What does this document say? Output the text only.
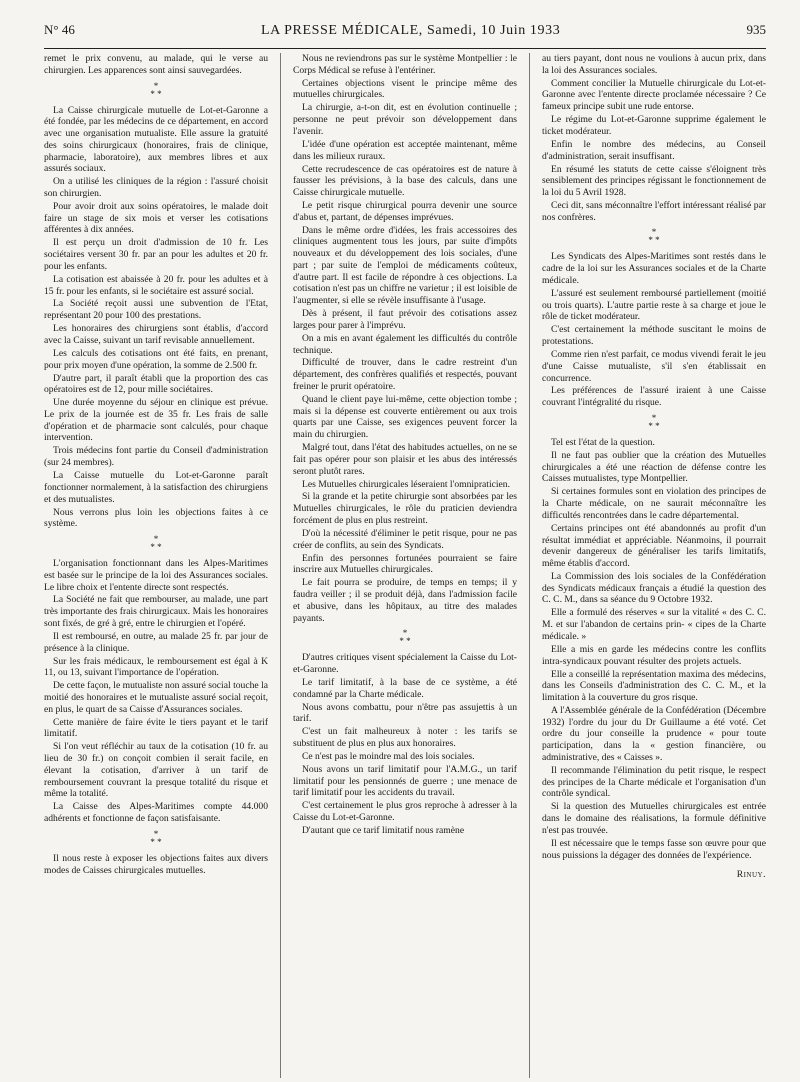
N° 46	LA PRESSE MÉDICALE, Samedi, 10 Juin 1933	935

remet le prix convenu, au malade, qui le verse au chirurgien. Les apparences sont ainsi sauvegardées.

*
* *

La Caisse chirurgicale mutuelle de Lot-et-Garonne a été fondée, par les médecins de ce département, en accord avec une organisation mutualiste. Elle assure la gratuité des soins chirurgicaux (honoraires, frais de clinique, pharmacie, laboratoire), aux membres libres et aux assurés sociaux.

On a utilisé les cliniques de la région : l'assuré choisit son chirurgien.

Pour avoir droit aux soins opératoires, le malade doit faire un stage de six mois et verser les cotisations afférentes à dix années.

Il est perçu un droit d'admission de 10 fr. Les sociétaires versent 30 fr. par an pour les adultes et 20 fr. pour les enfants.

La cotisation est abaissée à 20 fr. pour les adultes et à 15 fr. pour les enfants, si le sociétaire est assuré social.

La Société reçoit aussi une subvention de l'Etat, représentant 20 pour 100 des prestations.

Les honoraires des chirurgiens sont établis, d'accord avec la Caisse, suivant un tarif revisable annuellement.

Les calculs des cotisations ont été faits, en prenant, pour prix moyen d'une opération, la somme de 2.500 fr.

D'autre part, il paraît établi que la proportion des cas opératoires est de 12, pour mille sociétaires.

Une durée moyenne du séjour en clinique est prévue. Le prix de la journée est de 35 fr. Les frais de salle d'opération et de pharmacie sont calculés, pour chaque intervention.

Trois médecins font partie du Conseil d'administration (sur 24 membres).

La Caisse mutuelle du Lot-et-Garonne paraît fonctionner normalement, à la satisfaction des chirurgiens et des mutualistes.

Nous verrons plus loin les objections faites à ce système.

*
* *

L'organisation fonctionnant dans les Alpes-Maritimes est basée sur le principe de la loi des Assurances sociales. Le libre choix et l'entente directe sont respectés.

La Société ne fait que rembourser, au malade, une part très importante des frais chirurgicaux. Mais les honoraires sont fixés, de gré à gré, entre le chirurgien et l'opéré.

Il est remboursé, en outre, au malade 25 fr. par jour de présence à la clinique.

Sur les frais médicaux, le remboursement est égal à K 11, ou 13, suivant l'importance de l'opération.

De cette façon, le mutualiste non assuré social touche la moitié des honoraires et le mutualiste assuré social reçoit, en plus, le quart de sa Caisse d'Assurances sociales.

Cette manière de faire évite le tiers payant et le tarif limitatif.

Si l'on veut réfléchir au taux de la cotisation (10 fr. au lieu de 30 fr.) on conçoit combien il serait facile, en élevant la cotisation, d'arriver à un tarif de remboursement couvrant la presque totalité du risque et même la totalité.

La Caisse des Alpes-Maritimes compte 44.000 adhérents et fonctionne de façon satisfaisante.

*
* *

Il nous reste à exposer les objections faites aux divers modes de Caisses chirurgicales mutuelles.

Nous ne reviendrons pas sur le système Montpellier : le Corps Médical se refuse à l'entériner.

Certaines objections visent le principe même des mutuelles chirurgicales.

La chirurgie, a-t-on dit, est en évolution continuelle ; personne ne peut prévoir son développement dans l'avenir.

L'idée d'une opération est acceptée maintenant, même dans les milieux ruraux.

Cette recrudescence de cas opératoires est de nature à fausser les prévisions, à la base des calculs, dans une Caisse chirurgicale mutuelle.

Le petit risque chirurgical pourra devenir une source d'abus et, partant, de dépenses imprévues.

Dans le même ordre d'idées, les frais accessoires des cliniques augmentent tous les jours, par suite d'impôts nouveaux et du développement des lois sociales, d'une part ; par suite de l'emploi de médicaments coûteux, d'autre part. Il est facile de répondre à ces objections. La cotisation n'est pas un chiffre ne varietur ; il est loisible de l'augmenter, si elle se révèle insuffisante à l'usage.

Dès à présent, il faut prévoir des cotisations assez larges pour parer à l'imprévu.

On a mis en avant également les difficultés du contrôle technique.

Difficulté de trouver, dans le cadre restreint d'un département, des confrères qualifiés et respectés, pouvant freiner le prurit opératoire.

Quand le client paye lui-même, cette objection tombe ; mais si la dépense est couverte entièrement ou aux trois quarts par une Caisse, ses exigences peuvent forcer la main du chirurgien.

Malgré tout, dans l'état des habitudes actuelles, on ne se fait pas opérer pour son plaisir et les abus des intéressés seront plutôt rares.

Les Mutuelles chirurgicales léseraient l'omnipraticien.

Si la grande et la petite chirurgie sont absorbées par les Mutuelles chirurgicales, le rôle du praticien deviendra forcément de plus en plus restreint.

D'où la nécessité d'éliminer le petit risque, pour ne pas créer de conflits, au sein des Syndicats.

Enfin des personnes fortunées pourraient se faire inscrire aux Mutuelles chirurgicales.

Le fait pourra se produire, de temps en temps; il y faudra veiller ; il se produit déjà, dans l'admission facile et abusive, dans les hôpitaux, au titre des malades payants.

*
* *

D'autres critiques visent spécialement la Caisse du Lot-et-Garonne.

Le tarif limitatif, à la base de ce système, a été condamné par la Charte médicale.

Nous avons combattu, pour n'être pas assujettis à un tarif.

C'est un fait malheureux à noter : les tarifs se substituent de plus en plus aux honoraires.

Ce n'est pas le moindre mal des lois sociales.

Nous avons un tarif limitatif pour l'A.M.G., un tarif limitatif pour les pensionnés de guerre ; une menace de tarif limitatif pour les accidents du travail.

C'est certainement le plus gros reproche à adresser à la Caisse du Lot-et-Garonne.

D'autant que ce tarif limitatif nous ramène

au tiers payant, dont nous ne voulions à aucun prix, dans la loi des Assurances sociales.

Comment concilier la Mutuelle chirurgicale du Lot-et-Garonne avec l'entente directe proclamée nécessaire ? Ce fameux principe subit une rude entorse.

Le régime du Lot-et-Garonne supprime également le ticket modérateur.

Enfin le nombre des médecins, au Conseil d'administration, serait insuffisant.

En résumé les statuts de cette caisse s'éloignent très sensiblement des principes régissant le fonctionnement de la loi du 5 Avril 1928.

Ceci dit, sans méconnaître l'effort intéressant réalisé par nos confrères.

*
* *

Les Syndicats des Alpes-Maritimes sont restés dans le cadre de la loi sur les Assurances sociales et de la Charte médicale.

L'assuré est seulement remboursé partiellement (moitié ou trois quarts). L'autre partie reste à sa charge et joue le rôle de ticket modérateur.

C'est certainement la méthode suscitant le moins de protestations.

Comme rien n'est parfait, ce modus vivendi ferait le jeu d'une Caisse mutualiste, s'il s'en établissait en concurrence.

Les préférences de l'assuré iraient à une Caisse couvrant l'intégralité du risque.

*
* *

Tel est l'état de la question.

Il ne faut pas oublier que la création des Mutuelles chirurgicales a été une réaction de défense contre les Caisses mutualistes, type Montpellier.

Si certaines formules sont en violation des principes de la Charte médicale, on ne saurait méconnaître les difficultés rencontrées dans le cadre départemental.

Certains principes ont été abandonnés au profit d'un résultat immédiat et appréciable. Néanmoins, il pourrait devenir dangereux de généraliser les tarifs limitatifs, même établis d'accord.

La Commission des lois sociales de la Confédération des Syndicats médicaux français a étudié la question des C. C. M., dans sa séance du 9 Octobre 1932.

Elle a formulé des réserves « sur la vitalité « des C. C. M. et sur l'abandon de certains prin- « cipes de la Charte médicale. »

Elle a mis en garde les médecins contre les conflits intra-syndicaux pouvant résulter des projets actuels.

Elle a conseillé la représentation maxima des médecins, dans les Conseils d'administration des C. C. M., et la limitation à la couverture du gros risque.

A l'Assemblée générale de la Confédération (Décembre 1932) l'ordre du jour du Dr Guillaume a été voté. Cet ordre du jour conseille la prudence « pour toute participation, dans la « gestion financière, ou administrative, des « Caisses ».

Il recommande l'élimination du petit risque, le respect des principes de la Charte médicale et l'organisation d'un contrôle syndical.

Si la question des Mutuelles chirurgicales est entrée dans le domaine des réalisations, la formule définitive n'est pas trouvée.

Il est nécessaire que le temps fasse son œuvre pour que nous puissions la dégager des données de l'expérience.

Rinuy.
